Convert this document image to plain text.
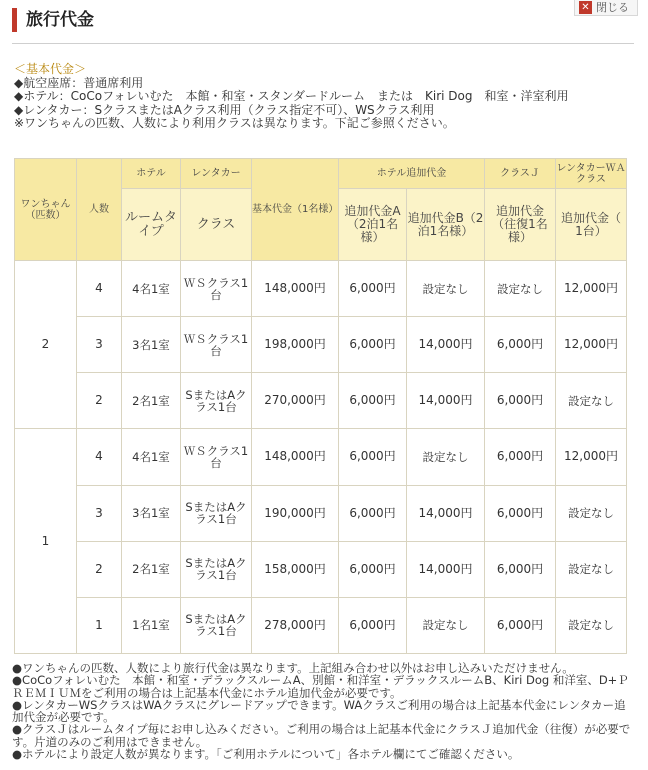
✕ 閉じる
旅行代金
＜基本代金＞
◆航空座席：普通席利用
◆ホテル：CoCoフォレいむた　本館・和室・スタンダードルーム　または　Kiri Dog　和室・洋室利用
◆レンタカー：SクラスまたはAクラス利用（クラス指定不可）、WSクラス利用
※ワンちゃんの匹数、人数により利用クラスは異なります。下記ご参照ください。
ワンちゃん（匹数）	人数	ホテル	レンタカー	基本代金（1名様）	ホテル追加代金		クラスＪ	レンタカーＷＡクラス
		ルームタイプ	クラス		追加代金A（2泊1名様）	追加代金B（2泊1名様）	追加代金（往復1名様）	追加代金（ 1台）
2	4	4名1室	ＷＳクラス1台	148,000円	6,000円	設定なし	設定なし	12,000円
	3	3名1室	ＷＳクラス1台	198,000円	6,000円	14,000円	6,000円	12,000円
	2	2名1室	SまたはAクラス1台	270,000円	6,000円	14,000円	6,000円	設定なし
1	4	4名1室	ＷＳクラス1台	148,000円	6,000円	設定なし	6,000円	12,000円
	3	3名1室	SまたはAクラス1台	190,000円	6,000円	14,000円	6,000円	設定なし
	2	2名1室	SまたはAクラス1台	158,000円	6,000円	14,000円	6,000円	設定なし
	1	1名1室	SまたはAクラス1台	278,000円	6,000円	設定なし	6,000円	設定なし

●ワンちゃんの匹数、人数により旅行代金は異なります。上記組み合わせ以外はお申し込みいただけません。

●CoCoフォレいむた　本館・和室・デラックスルームA、別館・和洋室・デラックスルームB、Kiri Dog 和洋室、D+ＰＲＥＭＩＵＭをご利用の場合は上記基本代金にホテル追加代金が必要です。

●レンタカーWSクラスはWAクラスにグレードアップできます。WAクラスご利用の場合は上記基本代金にレンタカー追加代金が必要です。

●クラスＪはルームタイプ毎にお申し込みください。ご利用の場合は上記基本代金にクラスＪ追加代金（往復）が必要です。片道のみのご利用はできません。

●ホテルにより設定人数が異なります。「ご利用ホテルについて」各ホテル欄にてご確認ください。
